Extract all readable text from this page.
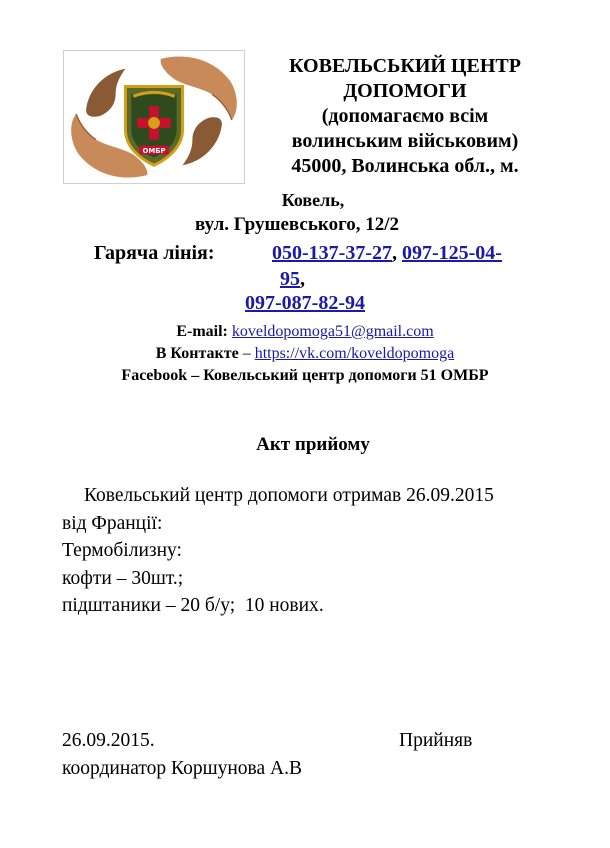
ОМБР
КОВЕЛЬСЬКИЙ ЦЕНТР
ДОПОМОГИ
(допомагаємо всім
волинським військовим)
45000, Волинська обл., м.
Ковель,
вул. Грушевського, 12/2
Гаряча лінія:	050-137-37-27, 097-125-04-
95,
097-087-82-94
E-mail: koveldopomoga51@gmail.com
В Контакте – https://vk.com/koveldopomoga
Facebook – Ковельський центр допомоги 51 ОМБР
Акт прийому
Ковельський центр допомоги отримав 26.09.2015
від Франції:
Термобілизну:
кофти – 30шт.;
підштаники – 20 б/у;  10 нових.
26.09.2015.	Прийняв
координатор Коршунова А.В
